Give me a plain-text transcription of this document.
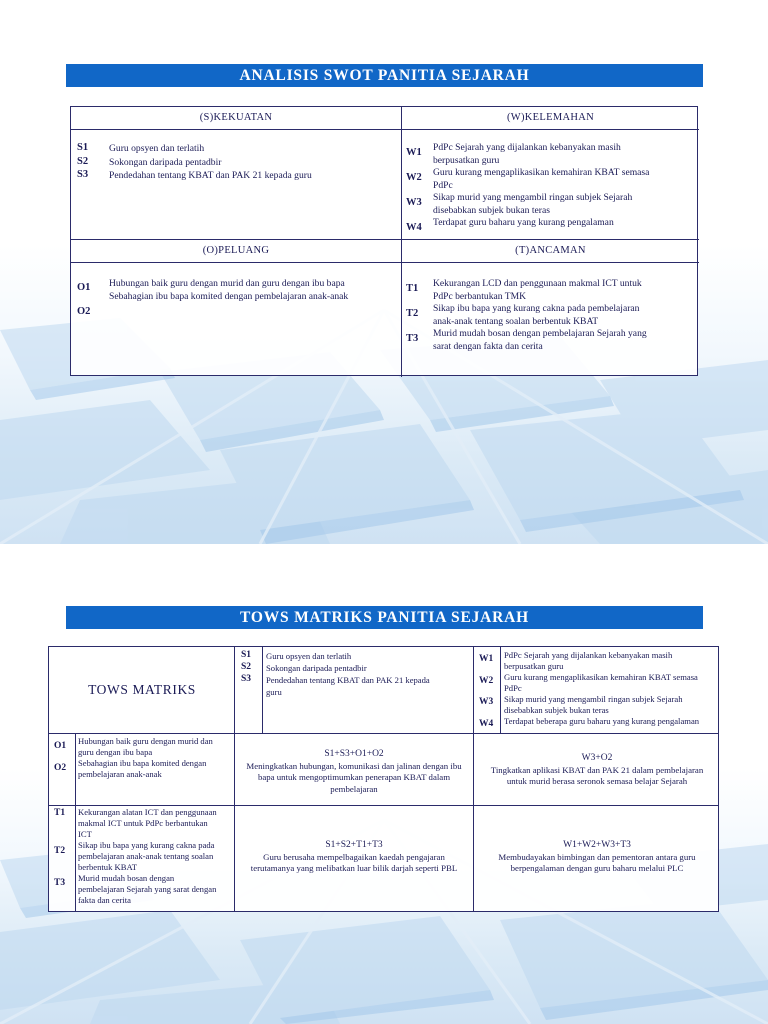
ANALISIS SWOT PANITIA SEJARAH
(S)KEKUATAN
S1
S2
S3
Guru opsyen dan terlatih
Sokongan daripada pentadbir
Pendedahan tentang KBAT dan PAK 21 kepada guru
(W)KELEMAHAN
W1
W2
W3
W4
PdPc Sejarah yang dijalankan kebanyakan masih
berpusatkan guru
Guru kurang mengaplikasikan kemahiran KBAT semasa
PdPc
Sikap murid yang mengambil ringan subjek Sejarah
disebabkan subjek bukan teras
Terdapat guru baharu yang kurang pengalaman
(O)PELUANG
O1
O2
Hubungan baik guru dengan murid dan guru dengan ibu bapa
Sebahagian ibu bapa komited dengan pembelajaran anak-anak
(T)ANCAMAN
T1
T2
T3
Kekurangan LCD dan penggunaan makmal ICT untuk
PdPc berbantukan TMK
Sikap ibu bapa yang kurang cakna pada pembelajaran
anak-anak tentang soalan berbentuk KBAT
Murid mudah bosan dengan pembelajaran Sejarah yang
sarat dengan fakta dan cerita
TOWS MATRIKS PANITIA SEJARAH
TOWS MATRIKS
S1
S2
S3
Guru opsyen dan terlatih
Sokongan daripada pentadbir
Pendedahan tentang KBAT dan PAK 21 kepada
guru
W1
W2
W3
W4
PdPc Sejarah yang dijalankan kebanyakan masih
berpusatkan guru
Guru kurang mengaplikasikan kemahiran KBAT semasa
PdPc
Sikap murid yang mengambil ringan subjek Sejarah
disebabkan subjek bukan teras
Terdapat beberapa guru baharu yang kurang pengalaman
O1
O2
Hubungan baik guru dengan murid dan
guru dengan ibu bapa
Sebahagian ibu bapa komited dengan
pembelajaran anak-anak
T1
T2
T3
Kekurangan alatan ICT dan penggunaan
makmal ICT untuk PdPc berbantukan
ICT
Sikap ibu bapa yang kurang cakna pada
pembelajaran anak-anak tentang soalan
berbentuk KBAT
Murid mudah bosan dengan
pembelajaran Sejarah yang sarat dengan
fakta dan cerita
S1+S3+O1+O2
Meningkatkan hubungan, komunikasi dan jalinan dengan ibu
bapa untuk mengoptimumkan penerapan KBAT dalam
pembelajaran
W3+O2
Tingkatkan aplikasi KBAT dan PAK 21 dalam pembelajaran
untuk murid berasa seronok semasa belajar Sejarah
S1+S2+T1+T3
Guru berusaha mempelbagaikan kaedah pengajaran
terutamanya yang melibatkan luar bilik darjah seperti PBL
W1+W2+W3+T3
Membudayakan bimbingan dan pementoran antara guru
berpengalaman dengan guru baharu melalui PLC
